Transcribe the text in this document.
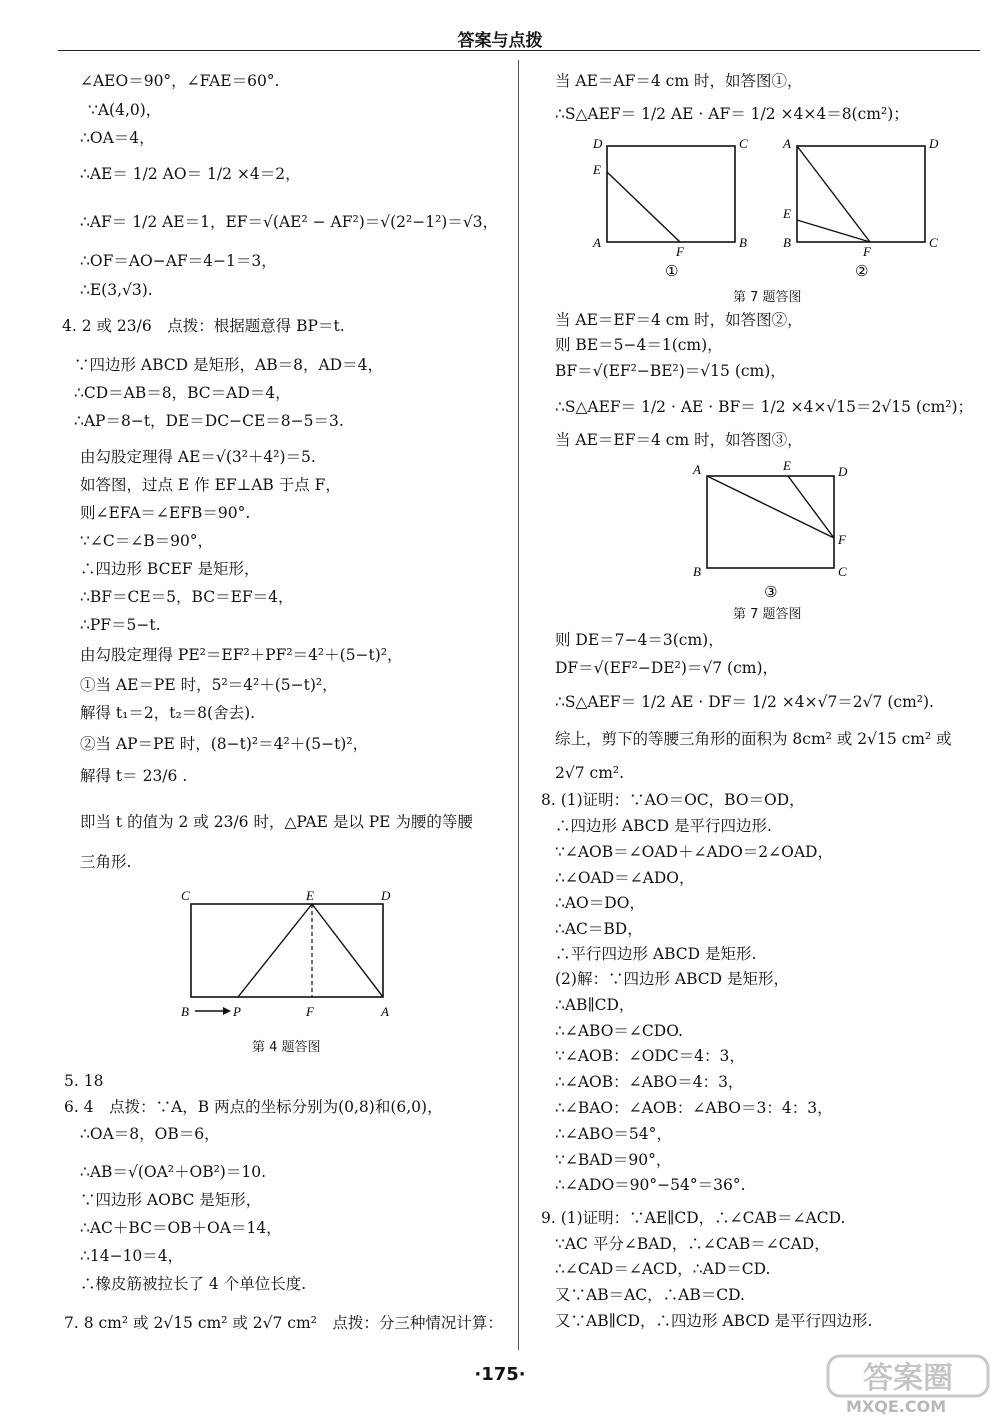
答案与点拨
∠AEO＝90°，∠FAE＝60°.
∵A(4,0)，
∴OA＝4，
∴AE＝ 1/2 AO＝ 1/2 ×4＝2，
∴AF＝ 1/2 AE＝1，EF＝√(AE² − AF²)＝√(2²−1²)＝√3，
∴OF＝AO−AF＝4−1＝3，
∴E(3,√3).
4. 2 或 23/6　点拨：根据题意得 BP＝t.
∵四边形 ABCD 是矩形，AB＝8，AD＝4，
∴CD＝AB＝8，BC＝AD＝4，
∴AP＝8−t，DE＝DC−CE＝8−5＝3.
由勾股定理得 AE＝√(3²＋4²)＝5.
如答图，过点 E 作 EF⊥AB 于点 F，
则∠EFA＝∠EFB＝90°.
∵∠C＝∠B＝90°，
∴四边形 BCEF 是矩形，
∴BF＝CE＝5，BC＝EF＝4，
∴PF＝5−t.
由勾股定理得 PE²＝EF²＋PF²＝4²＋(5−t)²，
①当 AE＝PE 时，5²＝4²＋(5−t)²，
解得 t₁＝2，t₂＝8(舍去).
②当 AP＝PE 时，(8−t)²＝4²＋(5−t)²，
解得 t＝ 23/6 .
即当 t 的值为 2 或 23/6 时，△PAE 是以 PE 为腰的等腰
三角形.
5. 18
6. 4　点拨：∵A，B 两点的坐标分别为(0,8)和(6,0)，
∴OA＝8，OB＝6，
∴AB＝√(OA²＋OB²)＝10.
∵四边形 AOBC 是矩形，
∴AC＋BC＝OB＋OA＝14，
∴14−10＝4，
∴橡皮筋被拉长了 4 个单位长度.
7. 8 cm² 或 2√15 cm² 或 2√7 cm²　点拨：分三种情况计算：
当 AE＝AF＝4 cm 时，如答图①，
∴S△AEF＝ 1/2 AE · AF＝ 1/2 ×4×4＝8(cm²)；
当 AE＝EF＝4 cm 时，如答图②，
则 BE＝5−4＝1(cm)，
BF＝√(EF²−BE²)＝√15 (cm)，
∴S△AEF＝ 1/2 · AE · BF＝ 1/2 ×4×√15＝2√15 (cm²)；
当 AE＝EF＝4 cm 时，如答图③，
则 DE＝7−4＝3(cm)，
DF＝√(EF²−DE²)＝√7 (cm)，
∴S△AEF＝ 1/2 AE · DF＝ 1/2 ×4×√7＝2√7 (cm²).
综上，剪下的等腰三角形的面积为 8cm² 或 2√15 cm² 或
2√7 cm².
8. (1)证明：∵AO＝OC，BO＝OD，
∴四边形 ABCD 是平行四边形.
∵∠AOB＝∠OAD＋∠ADO＝2∠OAD，
∴∠OAD＝∠ADO，
∴AO＝DO，
∴AC＝BD，
∴平行四边形 ABCD 是矩形.
(2)解：∵四边形 ABCD 是矩形，
∴AB∥CD，
∴∠ABO＝∠CDO.
∵∠AOB：∠ODC＝4：3，
∴∠AOB：∠ABO＝4：3，
∴∠BAO：∠AOB：∠ABO＝3：4：3，
∴∠ABO＝54°，
∵∠BAD＝90°，
∴∠ADO＝90°−54°＝36°.
9. (1)证明：∵AE∥CD，∴∠CAB＝∠ACD.
∵AC 平分∠BAD，∴∠CAB＝∠CAD，
∴∠CAD＝∠ACD，∴AD＝CD.
又∵AB＝AC，∴AB＝CD.
又∵AB∥CD，∴四边形 ABCD 是平行四边形.
C	E	D
B	P	F	A
第 4 题答图
D	C
E
A
F
B
①
A	D
E
B
F
C
②
第 7 题答图
A	E	D
F
B	C
③
第 7 题答图
·175·	答案圈
MXQE.COM
